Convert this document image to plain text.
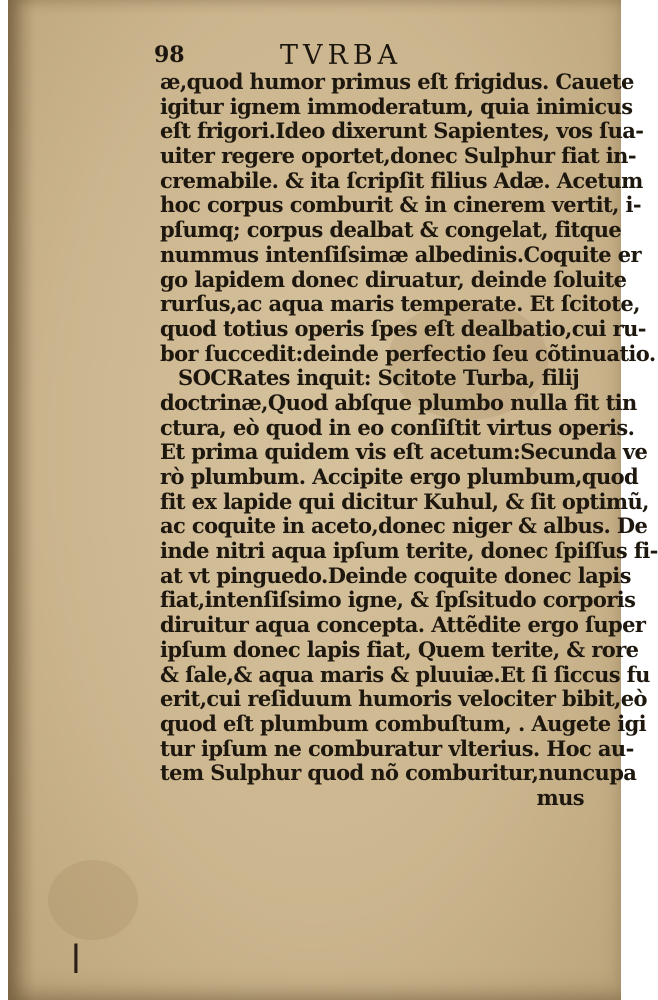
98	TVRBA
æ,quod humor primus eſt frigidus. Cauete
igitur ignem immoderatum, quia inimicus
eſt frigori.Ideo dixerunt Sapientes, vos ſua-
uiter regere oportet,donec Sulphur fiat in-
cremabile. & ita ſcripſit filius Adæ. Acetum
hoc corpus comburit & in cinerem vertit, i-
pſumq; corpus dealbat & congelat, fitque
nummus intenſiſsimæ albedinis.Coquite er
go lapidem donec diruatur, deinde ſoluite
rurſus,ac aqua maris temperate. Et ſcitote,
quod totius operis ſpes eſt dealbatio,cui ru-
bor ſuccedit:deinde perfectio ſeu cõtinuatio.
SOCRates inquit: Scitote Turba, filij
doctrinæ,Quod abſque plumbo nulla fit tin
ctura, eò quod in eo conſiſtit virtus operis.
Et prima quidem vis eſt acetum:Secunda ve
rò plumbum. Accipite ergo plumbum,quod
fit ex lapide qui dicitur Kuhul, & ſit optimũ,
ac coquite in aceto,donec niger & albus. De
inde nitri aqua ipſum terite, donec ſpiſſus fi-
at vt pinguedo.Deinde coquite donec lapis
fiat,intenſiſsimo igne, & ſpſsitudo corporis
diruitur aqua concepta. Attẽdite ergo ſuper
ipſum donec lapis fiat, Quem terite, & rore
& ſale,& aqua maris & pluuiæ.Et ſi ſiccus fu
erit,cui reſiduum humoris velociter bibit,eò
quod eſt plumbum combuſtum, . Augete igi
tur ipſum ne comburatur vlterius. Hoc au-
tem Sulphur quod nõ comburitur,nuncupa
mus
ǀ
